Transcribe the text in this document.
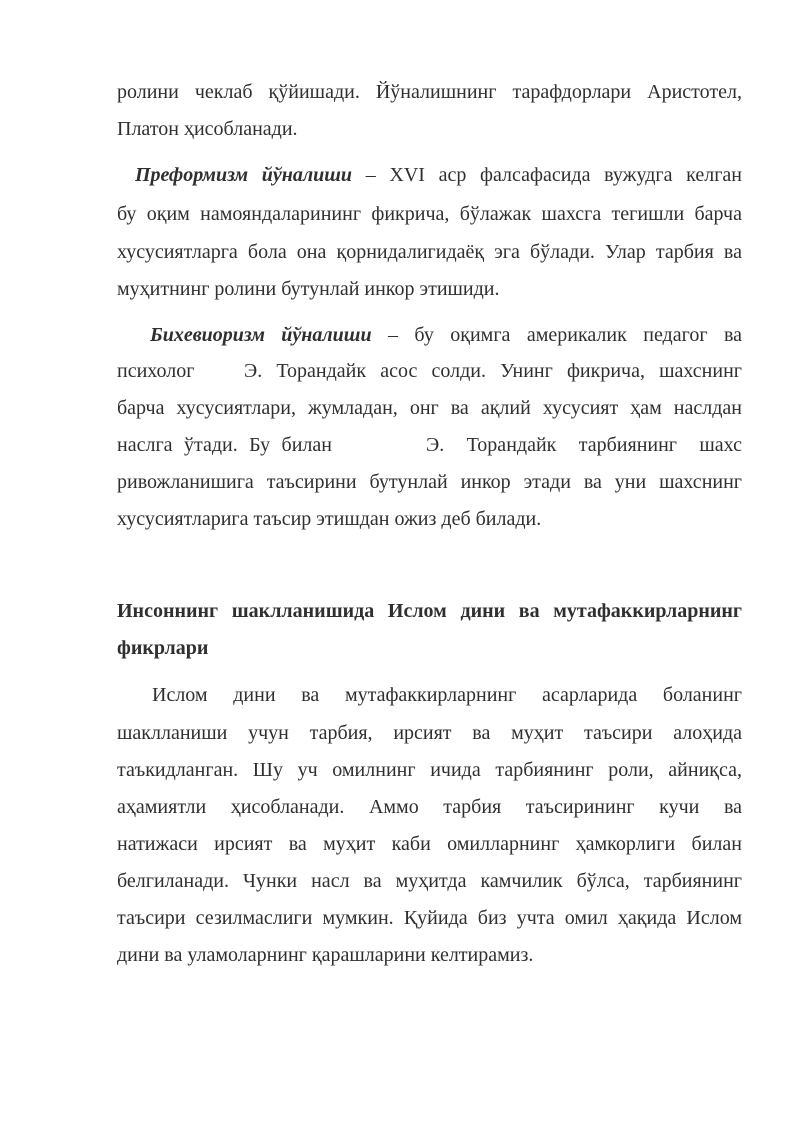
ролини чеклаб қўйишади. Йўналишнинг тарафдорлари Аристотел,
Платон ҳисобланади.
Преформизм йўналиши – XVI аср фалсафасида вужудга келган
бу оқим намояндаларининг фикрича, бўлажак шахсга тегишли барча
хусусиятларга бола она қорнидалигидаёқ эга бўлади. Улар тарбия ва
муҳитнинг ролини бутунлай инкор этишиди.
Бихевиоризм йўналиши – бу оқимга америкалик педагог ва
психолог	Э. Торандайк асос солди. Унинг фикрича, шахснинг
барча хусусиятлари, жумладан, онг ва ақлий хусусият ҳам наслдан
наслга ўтади. Бу билан	Э. Торандайк тарбиянинг шахс
ривожланишига таъсирини бутунлай инкор этади ва уни шахснинг
хусусиятларига таъсир этишдан ожиз деб билади.
Инсоннинг шаклланишида Ислом дини ва мутафаккирларнинг
фикрлари
Ислом дини ва мутафаккирларнинг асарларида боланинг
шаклланиши учун тарбия, ирсият ва муҳит таъсири алоҳида
таъкидланган. Шу уч омилнинг ичида тарбиянинг роли, айниқса,
аҳамиятли ҳисобланади. Аммо тарбия таъсирининг кучи ва
натижаси ирсият ва муҳит каби омилларнинг ҳамкорлиги билан
белгиланади. Чунки насл ва муҳитда камчилик бўлса, тарбиянинг
таъсири сезилмаслиги мумкин. Қуйида биз учта омил ҳақида Ислом
дини ва уламоларнинг қарашларини келтирамиз.
